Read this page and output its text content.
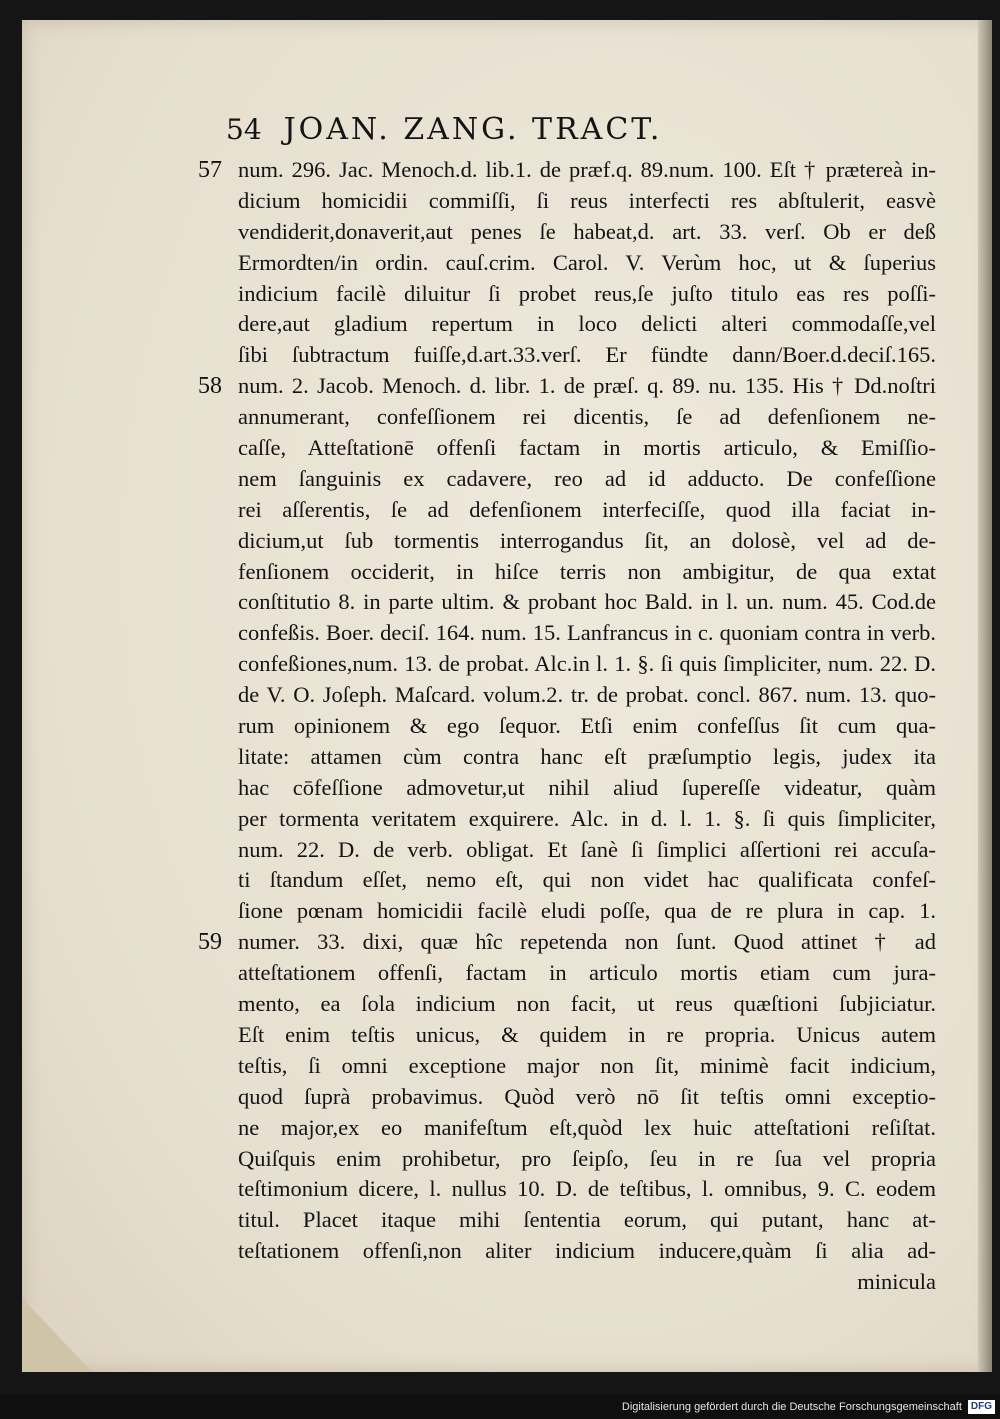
54 JOAN. ZANG. TRACT.
57
58
59
num. 296. Jac. Menoch.d. lib.1. de præf.q. 89.num. 100. Eſt † prætereà in-
dicium homicidii commiſſi, ſi reus interfecti res abſtulerit, easvè
vendiderit,donaverit,aut penes ſe habeat,d. art. 33. verſ. Ob er deß
Ermordten/in ordin. cauſ.crim. Carol. V. Verùm hoc, ut & ſuperius
indicium facilè diluitur ſi probet reus,ſe juſto titulo eas res poſſi-
dere,aut gladium repertum in loco delicti alteri commodaſſe,vel
ſibi ſubtractum fuiſſe,d.art.33.verſ. Er fündte dann/Boer.d.deciſ.165.
num. 2. Jacob. Menoch. d. libr. 1. de præſ. q. 89. nu. 135. His † Dd.noſtri
annumerant, confeſſionem rei dicentis, ſe ad defenſionem ne-
caſſe, Atteſtationē offenſi factam in mortis articulo, & Emiſſio-
nem ſanguinis ex cadavere, reo ad id adducto. De confeſſione
rei aſſerentis, ſe ad defenſionem interfeciſſe, quod illa faciat in-
dicium,ut ſub tormentis interrogandus ſit, an dolosè, vel ad de-
fenſionem occiderit, in hiſce terris non ambigitur, de qua extat
conſtitutio 8. in parte ultim. & probant hoc Bald. in l. un. num. 45. Cod.de
confeßis. Boer. deciſ. 164. num. 15. Lanfrancus in c. quoniam contra in verb.
confeßiones,num. 13. de probat. Alc.in l. 1. §. ſi quis ſimpliciter, num. 22. D.
de V. O. Joſeph. Maſcard. volum.2. tr. de probat. concl. 867. num. 13. quo-
rum opinionem & ego ſequor. Etſi enim confeſſus ſit cum qua-
litate: attamen cùm contra hanc eſt præſumptio legis, judex ita
hac cōfeſſione admovetur,ut nihil aliud ſupereſſe videatur, quàm
per tormenta veritatem exquirere. Alc. in d. l. 1. §. ſi quis ſimpliciter,
num. 22. D. de verb. obligat. Et ſanè ſi ſimplici aſſertioni rei accuſa-
ti ſtandum eſſet, nemo eſt, qui non videt hac qualificata confeſ-
ſione pœnam homicidii facilè eludi poſſe, qua de re plura in cap. 1.
numer. 33. dixi, quæ hîc repetenda non ſunt. Quod attinet † ad
atteſtationem offenſi, factam in articulo mortis etiam cum jura-
mento, ea ſola indicium non facit, ut reus quæſtioni ſubjiciatur.
Eſt enim teſtis unicus, & quidem in re propria. Unicus autem
teſtis, ſi omni exceptione major non ſit, minimè facit indicium,
quod ſuprà probavimus. Quòd verò nō ſit teſtis omni exceptio-
ne major,ex eo manifeſtum eſt,quòd lex huic atteſtationi reſiſtat.
Quiſquis enim prohibetur, pro ſeipſo, ſeu in re ſua vel propria
teſtimonium dicere, l. nullus 10. D. de teſtibus, l. omnibus, 9. C. eodem
titul. Placet itaque mihi ſententia eorum, qui putant, hanc at-
teſtationem offenſi,non aliter indicium inducere,quàm ſi alia ad-
minicula
Digitalisierung gefördert durch die Deutsche Forschungsgemeinschaft DFG
